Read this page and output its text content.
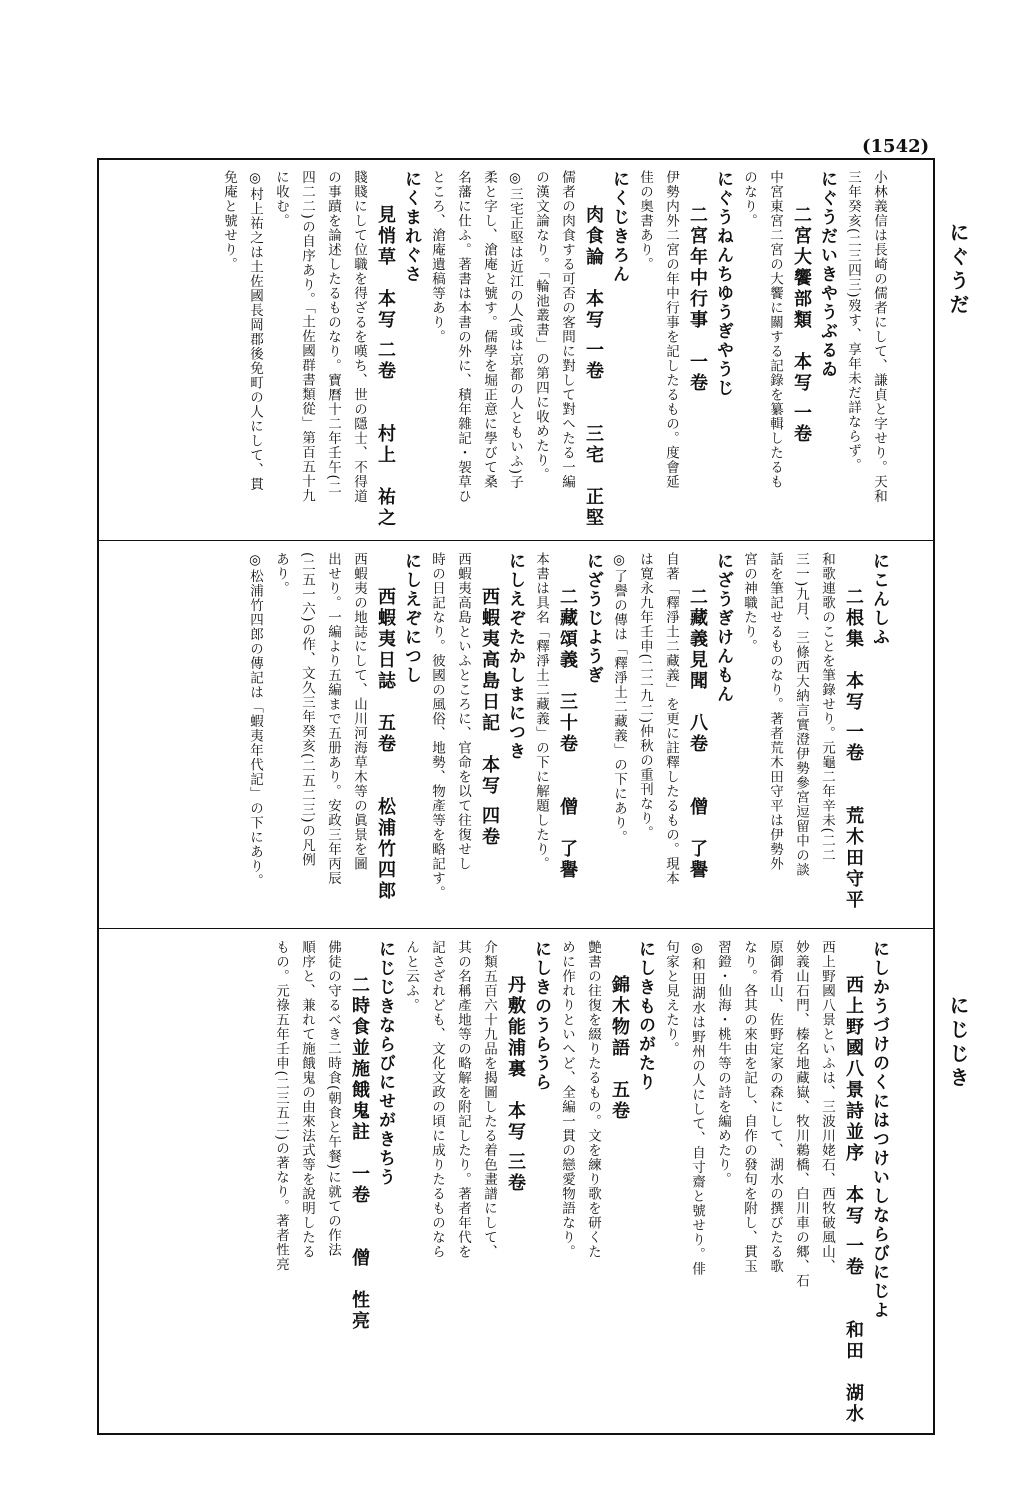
(1542)
にぐうだ
にじじき
小林義信は長崎の儒者にして、謙貞と字せり。天和
三年癸亥(二三四三)歿す、享年未だ詳ならず。
にぐうだいきやうぶるゐ
　二宮大饗部類　本写 一卷
中宮東宮二宮の大饗に關する記錄を纂輯したるも
のなり。
にぐうねんちゆうぎやうじ
　二宮年中行事　一卷
伊勢内外二宮の年中行事を記したるもの。度會延
佳の奥書あり。
にくじきろん
　肉食論　本写 一卷　　三宅　正堅
儒者の肉食する可否の客問に對して對へたる一編
の漢文論なり。「輪池叢書」の第四に收めたり。
◎三宅正堅は近江の人(或は京都の人ともいふ)子
柔と字し、滄庵と號す。儒學を堀正意に學びて桑
名藩に仕ふ。著書は本書の外に、積年雜記・袈草ひ
ところ、滄庵遺稿等あり。
にくまれぐさ
　見悄草　本写 二卷　　村上　祐之
賤賤にして位職を得ざるを嘆ち、世の隱士、不得道
の事蹟を論述したるものなり。寶曆十二年壬午(二
四二二)の自序あり。「土佐國群書類從」第百五十九
に收む。
◎村上祐之は土佐國長岡郡後免町の人にして、貫
免庵と號せり。
にこんしふ
　二根集　本写 一卷　　荒木田守平
和歌連歌のことを筆錄せり。元龜二年辛未(二二
三一)九月、三條西大納言實澄伊勢參宮逗留中の談
話を筆記せるものなり。著者荒木田守平は伊勢外
宮の神職たり。
にざうぎけんもん
　二藏義見聞　八卷　　僧　了譽
自著「釋淨土二藏義」を更に註釋したるもの。現本
は寛永九年壬申(二二九二)仲秋の重刊なり。
◎了譽の傳は「釋淨土二藏義」の下にあり。
にざうじようぎ
　二藏頌義　三十卷　　僧　了譽
本書は具名「釋淨土二藏義」の下に解題したり。
にしえぞたかしまにつき
　西蝦夷高島日記　本写 四卷
西蝦夷高島といふところに、官命を以て往復せし
時の日記なり。彼國の風俗、地勢、物產等を略記す。
にしえぞにつし
　西蝦夷日誌　五卷　　松浦竹四郎
西蝦夷の地誌にして、山川河海草木等の眞景を圖
出せり。一編より五編まで五册あり。安政三年丙辰
(二五一六)の作、文久三年癸亥(二五二三)の凡例
あり。
◎松浦竹四郎の傳記は「蝦夷年代記」の下にあり。
にしかうづけのくにはつけいしならびにじよ
　西上野國八景詩並序　本写 一卷　　和田　湖水
西上野國八景といふは、三波川姥石、西牧破風山、
妙義山石門、榛名地藏嶽、牧川鵜橋、白川車の郷、石
原御肴山、佐野定家の森にして、湖水の撰びたる歌
なり。各其の來由を記し、自作の發句を附し、貫玉
習鐙・仙海・桃牛等の詩を編めたり。
◎和田湖水は野州の人にして、自寸齋と號せり。俳
句家と見えたり。
にしきものがたり
　錦木物語　五卷
艶書の往復を綴りたるもの。文を練り歌を研くた
めに作れりといへど、全編一貫の戀愛物語なり。
にしきのうらうら
　丹敷能浦裏　本写 三卷
介類五百六十九品を揭圖したる着色畫譜にして、
其の名稱產地等の略解を附記したり。著者年代を
記さざれども、文化文政の頃に成りたるものなら
んと云ふ。
にじじきならびにせがきちう
　二時食並施餓鬼註　一卷　　僧　性亮
佛徒の守るべき二時食(朝食と午餐)に就ての作法
順序と、兼れて施餓鬼の由來法式等を說明したる
もの。元祿五年壬申(二三五二)の著なり。著者性亮
